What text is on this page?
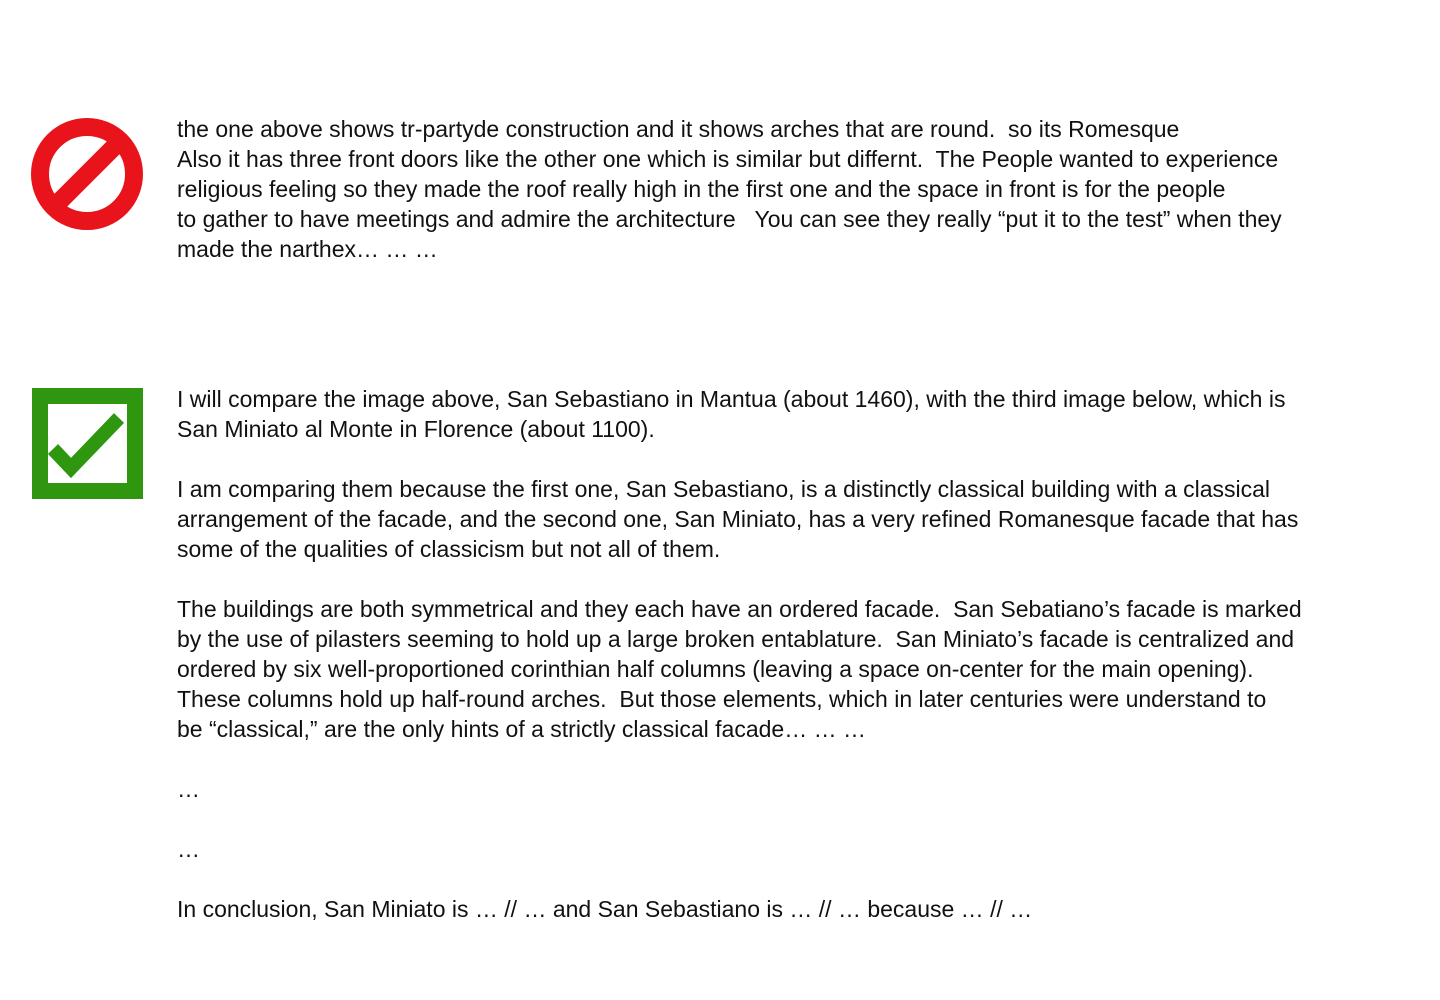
the one above shows tr-partyde construction and it shows arches that are round.  so its Romesque
Also it has three front doors like the other one which is similar but differnt.  The People wanted to experience
religious feeling so they made the roof really high in the first one and the space in front is for the people
to gather to have meetings and admire the architecture   You can see they really “put it to the test” when they
made the narthex… … …

I will compare the image above, San Sebastiano in Mantua (about 1460), with the third image below, which is
San Miniato al Monte in Florence (about 1100).

I am comparing them because the first one, San Sebastiano, is a distinctly classical building with a classical
arrangement of the facade, and the second one, San Miniato, has a very refined Romanesque facade that has
some of the qualities of classicism but not all of them.

The buildings are both symmetrical and they each have an ordered facade.  San Sebatiano’s facade is marked
by the use of pilasters seeming to hold up a large broken entablature.  San Miniato’s facade is centralized and
ordered by six well-proportioned corinthian half columns (leaving a space on-center for the main opening).
These columns hold up half-round arches.  But those elements, which in later centuries were understand to
be “classical,” are the only hints of a strictly classical facade… … …

…

…

In conclusion, San Miniato is … // … and San Sebastiano is … // … because … // …
